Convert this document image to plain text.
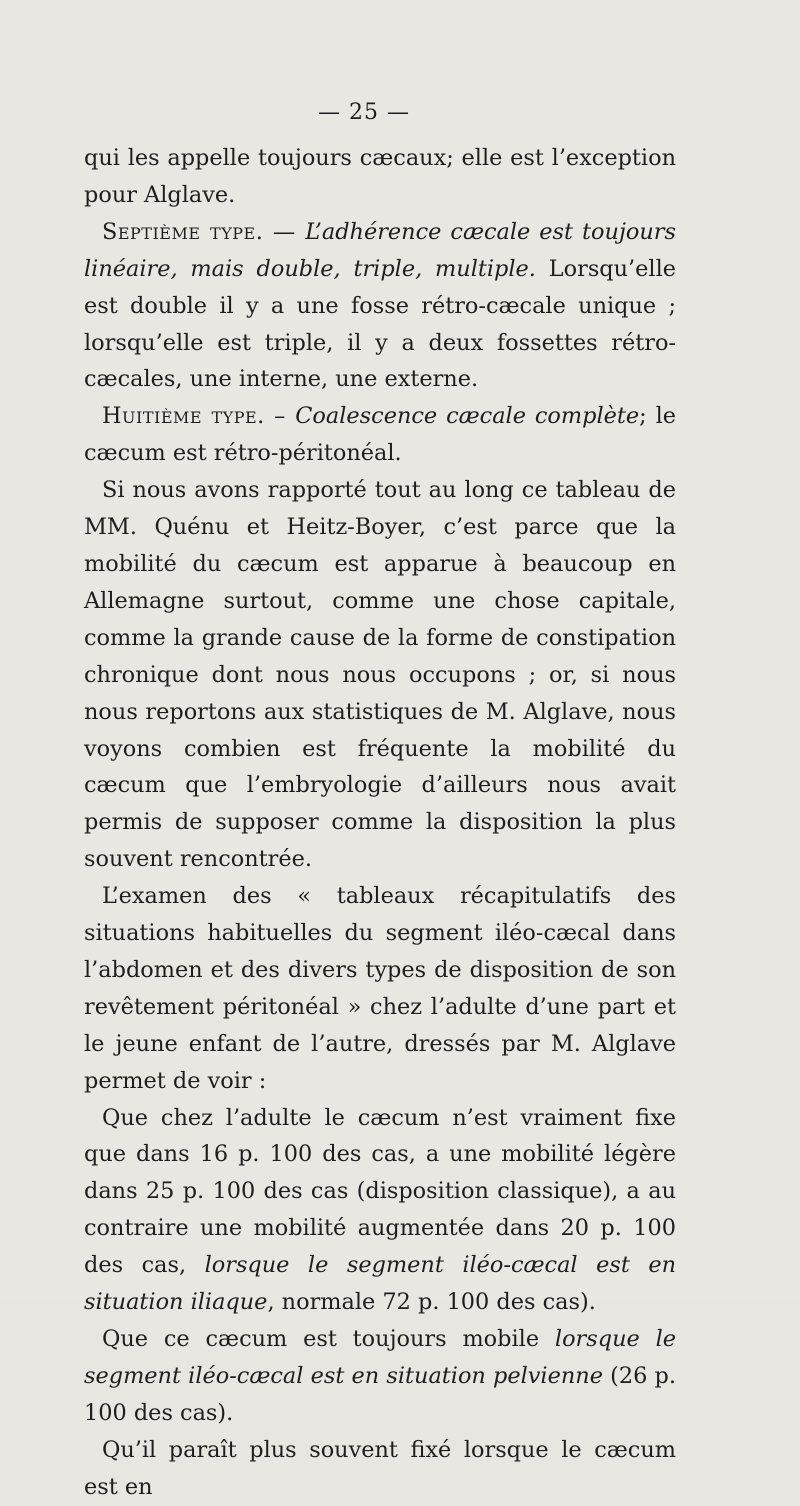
— 25 —

qui les appelle toujours cæcaux; elle est l’exception pour Alglave.

Septième type. — L’adhérence cæcale est toujours linéaire, mais double, triple, multiple. Lorsqu’elle est double il y a une fosse rétro-cæcale unique ; lorsqu’elle est triple, il y a deux fossettes rétro-cæcales, une interne, une externe.

Huitième type. – Coalescence cæcale complète; le cæcum est rétro-péritonéal.

Si nous avons rapporté tout au long ce tableau de MM. Quénu et Heitz-Boyer, c’est parce que la mobilité du cæcum est apparue à beaucoup en Allemagne surtout, comme une chose capitale, comme la grande cause de la forme de constipation chronique dont nous nous occupons ; or, si nous nous reportons aux statistiques de M. Alglave, nous voyons combien est fréquente la mobilité du cæcum que l’embryologie d’ailleurs nous avait permis de supposer comme la disposition la plus souvent rencontrée.

L’examen des « tableaux récapitulatifs des situations habituelles du segment iléo-cæcal dans l’abdomen et des divers types de disposition de son revêtement péritonéal » chez l’adulte d’une part et le jeune enfant de l’autre, dressés par M. Alglave permet de voir :

Que chez l’adulte le cæcum n’est vraiment fixe que dans 16 p. 100 des cas, a une mobilité légère dans 25 p. 100 des cas (disposition classique), a au contraire une mobilité augmentée dans 20 p. 100 des cas, lorsque le segment iléo-cæcal est en situation iliaque, normale 72 p. 100 des cas).

Que ce cæcum est toujours mobile lorsque le segment iléo-cæcal est en situation pelvienne (26 p. 100 des cas).

Qu’il paraît plus souvent fixé lorsque le cæcum est en
